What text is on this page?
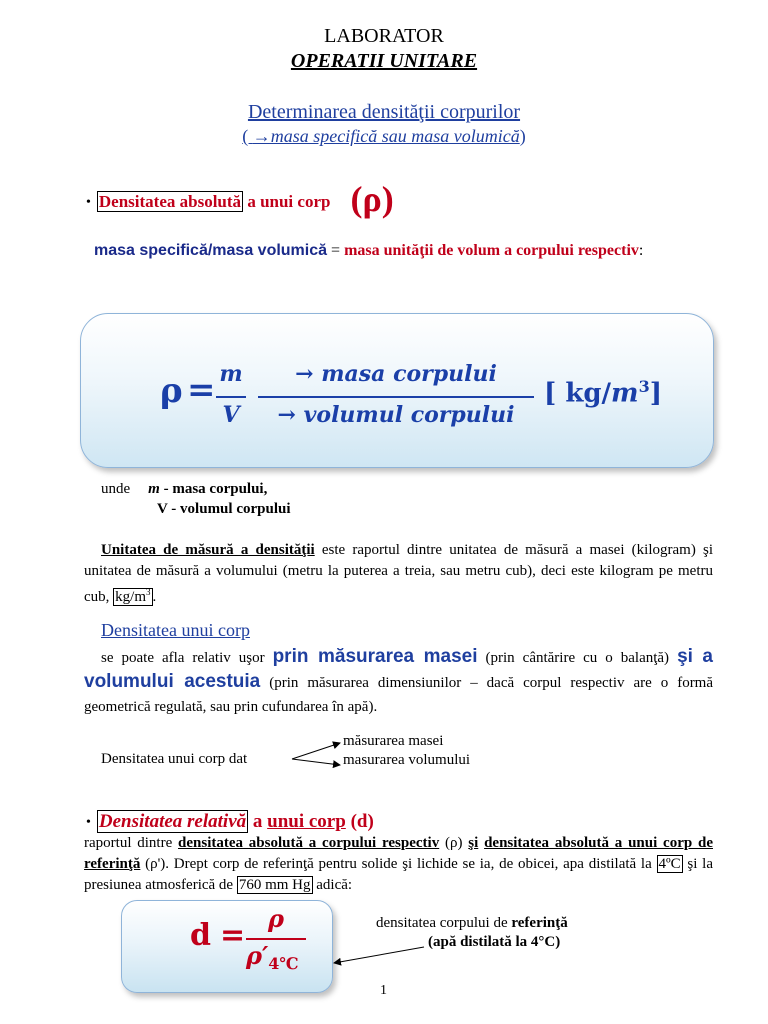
LABORATOR
OPERATII UNITARE
Determinarea densităţii corpurilor
( →masa specifică sau masa volumică)
• Densitatea absolută a unui corp (ρ)
masa specifică/masa volumică = masa unităţii de volum a corpului respectiv:
ρ = m
V
→ masa corpului
→ volumul corpului
[ $kg/m^3$]
unde m - masa corpului,
V - volumul corpului
Unitatea de măsură a densităţii este raportul dintre unitatea de măsură a masei (kilogram) şi unitatea de măsură a volumului (metru la puterea a treia, sau metru cub), deci este kilogram pe metru cub, $kg/m^3$ .
Densitatea unui corp
se poate afla relativ uşor prin măsurarea masei (prin cântărire cu o balanţă) şi a volumului acestuia (prin măsurarea dimensiunilor – dacă corpul respectiv are o formă geometrică regulată, sau prin cufundarea în apă).
Densitatea unui corp dat
măsurarea masei
masurarea volumului
• Densitatea relativă a unui corp (d)
raportul dintre densitatea absolută a corpului respectiv (ρ) şi densitatea absolută a unui corp de referinţă (ρ'). Drept corp de referinţă pentru solide şi lichide se ia, de obicei, apa distilată la 4ºC şi la presiunea atmosferică de 760 mm Hg adică:
d = ρ
$\rho'_{4℃}$
densitatea corpului de referinţă
(apă distilată la 4°C)
1
